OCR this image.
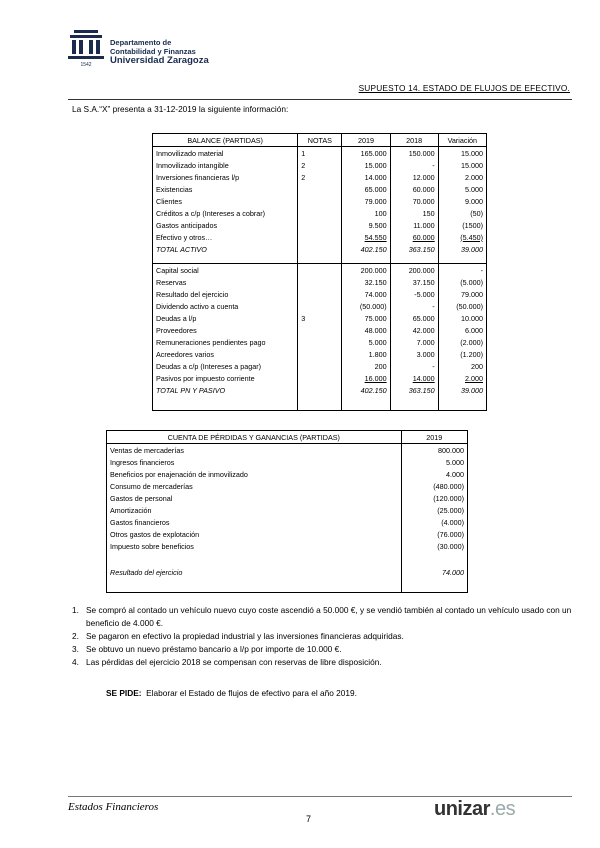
1542
Departamento de
Contabilidad y Finanzas
Universidad Zaragoza
SUPUESTO 14. ESTADO DE FLUJOS DE EFECTIVO.
La S.A.“X” presenta a 31-12-2019 la siguiente información:
BALANCE (PARTIDAS)	NOTAS	2019	2018	Variación
Inmovilizado material	1	165.000	150.000	15.000
Inmovilizado intangible	2	15.000	-	15.000
Inversiones financieras l/p	2	14.000	12.000	2.000
Existencias		65.000	60.000	5.000
Clientes		79.000	70.000	9.000
Créditos a c/p (Intereses a cobrar)		100	150	(50)
Gastos anticipados		9.500	11.000	(1500)
Efectivo y otros…		54.550	60.000	(5.450)
TOTAL ACTIVO		402.150	363.150	39.000

Capital social		200.000	200.000	-
Reservas		32.150	37.150	(5.000)
Resultado del ejercicio		74.000	-5.000	79.000
Dividendo activo a cuenta		(50.000)	-	(50.000)
Deudas a l/p	3	75.000	65.000	10.000
Proveedores		48.000	42.000	6.000
Remuneraciones pendientes pago		5.000	7.000	(2.000)
Acreedores varios		1.800	3.000	(1.200)
Deudas a c/p (Intereses a pagar)		200	-	200
Pasivos por impuesto corriente		16.000	14.000	2.000
TOTAL PN Y PASIVO		402.150	363.150	39.000

CUENTA DE PÉRDIDAS Y GANANCIAS (PARTIDAS)	2019
Ventas de mercaderías	800.000
Ingresos financieros	5.000
Beneficios por enajenación de inmovilizado	4.000
Consumo de mercaderías	(480.000)
Gastos de personal	(120.000)
Amortización	(25.000)
Gastos financieros	(4.000)
Otros gastos de explotación	(76.000)
Impuesto sobre beneficios	(30.000)

Resultado del ejercicio	74.000

1. Se compró al contado un vehículo nuevo cuyo coste ascendió a 50.000 €, y se vendió también al contado un vehículo usado con un beneficio de 4.000 €.
2. Se pagaron en efectivo la propiedad industrial y las inversiones financieras adquiridas.
3. Se obtuvo un nuevo préstamo bancario a l/p por importe de 10.000 €.
4. Las pérdidas del ejercicio 2018 se compensan con reservas de libre disposición.
SE PIDE: Elaborar el Estado de flujos de efectivo para el año 2019.
Estados Financieros
7	unizar.es
